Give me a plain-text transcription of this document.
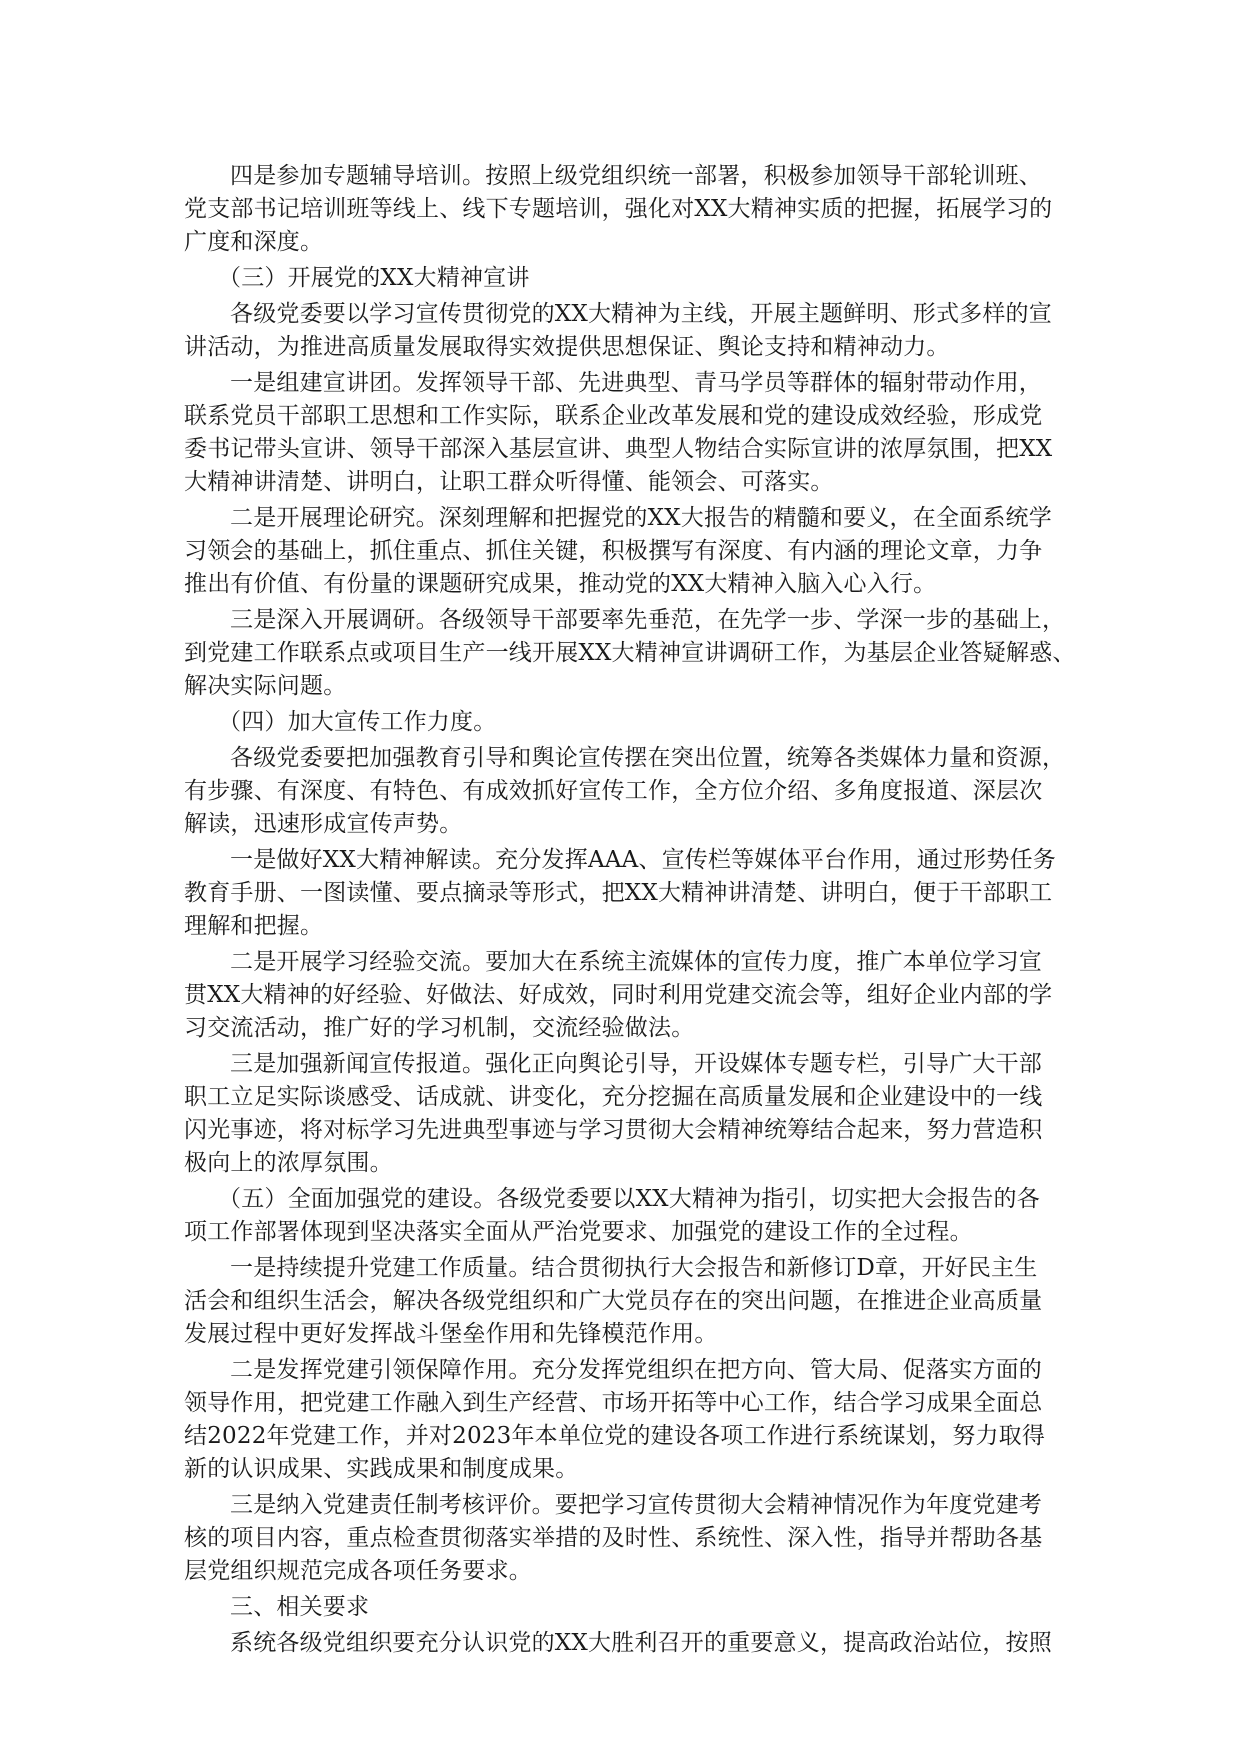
四是参加专题辅导培训。按照上级党组织统一部署，积极参加领导干部轮训班、
党支部书记培训班等线上、线下专题培训，强化对XX大精神实质的把握，拓展学习的
广度和深度。
（三）开展党的XX大精神宣讲
各级党委要以学习宣传贯彻党的XX大精神为主线，开展主题鲜明、形式多样的宣
讲活动，为推进高质量发展取得实效提供思想保证、舆论支持和精神动力。
一是组建宣讲团。发挥领导干部、先进典型、青马学员等群体的辐射带动作用，
联系党员干部职工思想和工作实际，联系企业改革发展和党的建设成效经验，形成党
委书记带头宣讲、领导干部深入基层宣讲、典型人物结合实际宣讲的浓厚氛围，把XX
大精神讲清楚、讲明白，让职工群众听得懂、能领会、可落实。
二是开展理论研究。深刻理解和把握党的XX大报告的精髓和要义，在全面系统学
习领会的基础上，抓住重点、抓住关键，积极撰写有深度、有内涵的理论文章，力争
推出有价值、有份量的课题研究成果，推动党的XX大精神入脑入心入行。
三是深入开展调研。各级领导干部要率先垂范，在先学一步、学深一步的基础上，
到党建工作联系点或项目生产一线开展XX大精神宣讲调研工作，为基层企业答疑解惑、
解决实际问题。
（四）加大宣传工作力度。
各级党委要把加强教育引导和舆论宣传摆在突出位置，统筹各类媒体力量和资源，
有步骤、有深度、有特色、有成效抓好宣传工作，全方位介绍、多角度报道、深层次
解读，迅速形成宣传声势。
一是做好XX大精神解读。充分发挥AAA、宣传栏等媒体平台作用，通过形势任务
教育手册、一图读懂、要点摘录等形式，把XX大精神讲清楚、讲明白，便于干部职工
理解和把握。
二是开展学习经验交流。要加大在系统主流媒体的宣传力度，推广本单位学习宣
贯XX大精神的好经验、好做法、好成效，同时利用党建交流会等，组好企业内部的学
习交流活动，推广好的学习机制，交流经验做法。
三是加强新闻宣传报道。强化正向舆论引导，开设媒体专题专栏，引导广大干部
职工立足实际谈感受、话成就、讲变化，充分挖掘在高质量发展和企业建设中的一线
闪光事迹，将对标学习先进典型事迹与学习贯彻大会精神统筹结合起来，努力营造积
极向上的浓厚氛围。
（五）全面加强党的建设。各级党委要以XX大精神为指引，切实把大会报告的各
项工作部署体现到坚决落实全面从严治党要求、加强党的建设工作的全过程。
一是持续提升党建工作质量。结合贯彻执行大会报告和新修订D章，开好民主生
活会和组织生活会，解决各级党组织和广大党员存在的突出问题，在推进企业高质量
发展过程中更好发挥战斗堡垒作用和先锋模范作用。
二是发挥党建引领保障作用。充分发挥党组织在把方向、管大局、促落实方面的
领导作用，把党建工作融入到生产经营、市场开拓等中心工作，结合学习成果全面总
结2022年党建工作，并对2023年本单位党的建设各项工作进行系统谋划，努力取得
新的认识成果、实践成果和制度成果。
三是纳入党建责任制考核评价。要把学习宣传贯彻大会精神情况作为年度党建考
核的项目内容，重点检查贯彻落实举措的及时性、系统性、深入性，指导并帮助各基
层党组织规范完成各项任务要求。
三、相关要求
系统各级党组织要充分认识党的XX大胜利召开的重要意义，提高政治站位，按照
